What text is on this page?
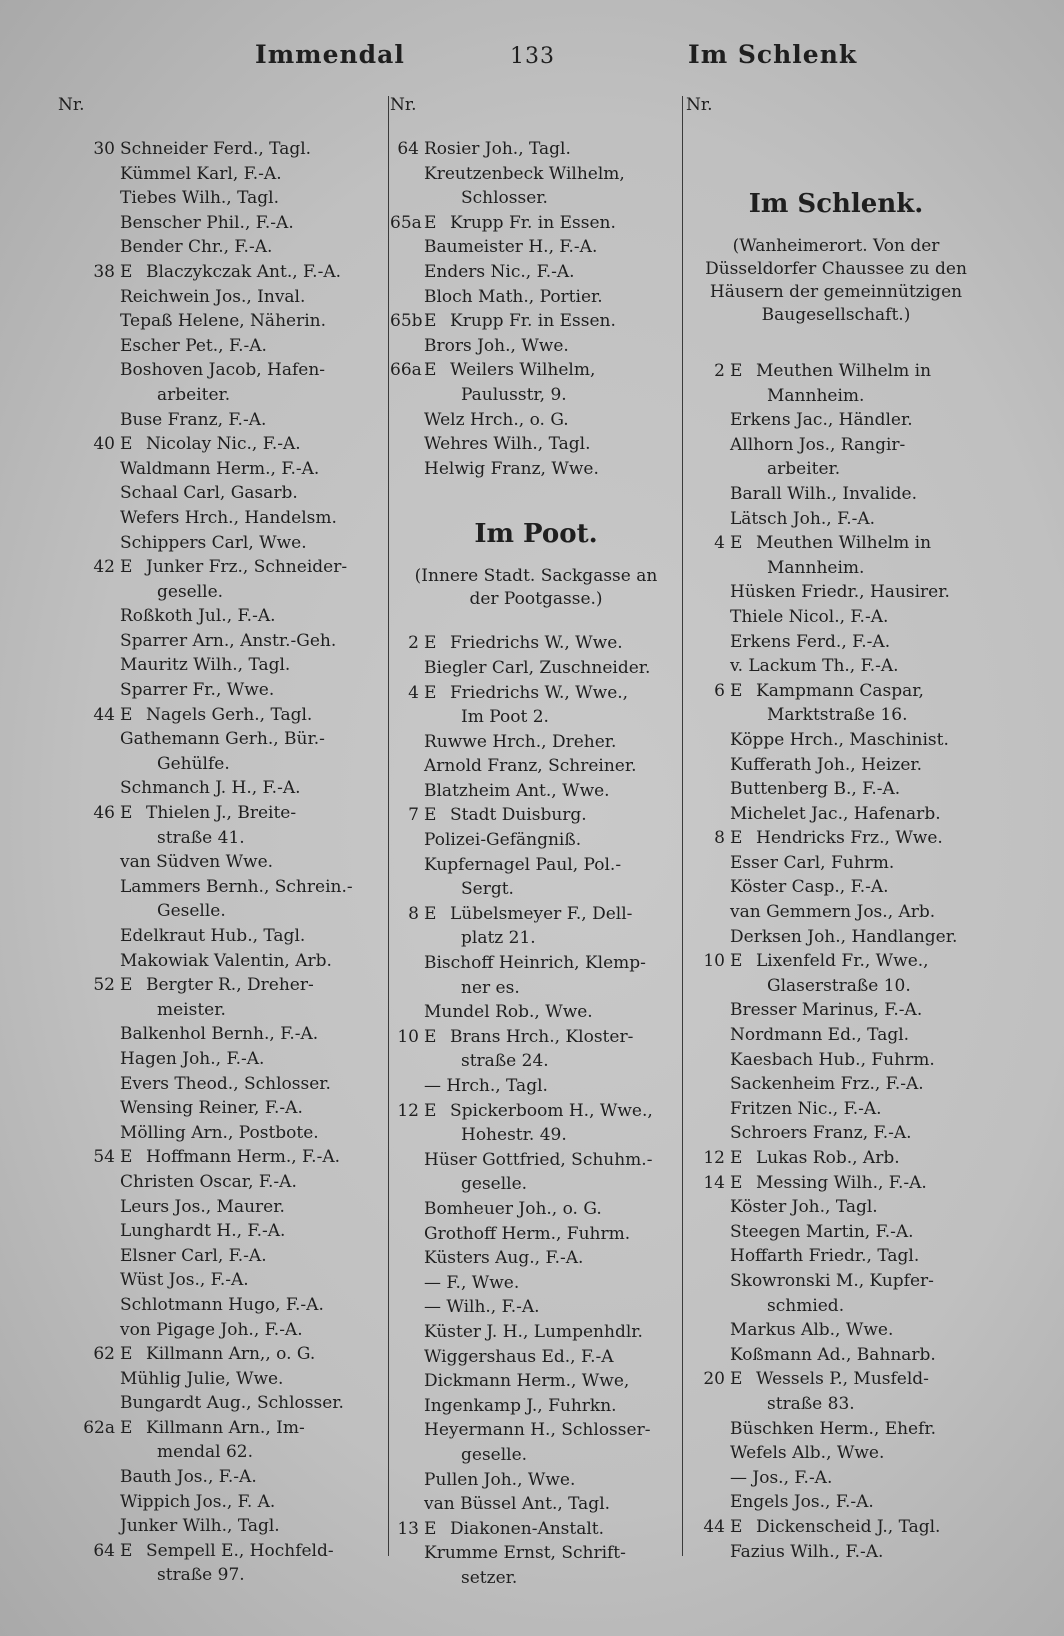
Immendal	133	Im Schlenk
Nr.
30 Schneider Ferd., Tagl.
Kümmel Karl, F.-A.
Tiebes Wilh., Tagl.
Benscher Phil., F.-A.
Bender Chr., F.-A.
38 E Blaczykczak Ant., F.-A.
Reichwein Jos., Inval.
Tepaß Helene, Näherin.
Escher Pet., F.-A.
Boshoven Jacob, Hafen-
arbeiter.
Buse Franz, F.-A.
40 E Nicolay Nic., F.-A.
Waldmann Herm., F.-A.
Schaal Carl, Gasarb.
Wefers Hrch., Handelsm.
Schippers Carl, Wwe.
42 E Junker Frz., Schneider-
geselle.
Roßkoth Jul., F.-A.
Sparrer Arn., Anstr.-Geh.
Mauritz Wilh., Tagl.
Sparrer Fr., Wwe.
44 E Nagels Gerh., Tagl.
Gathemann Gerh., Bür.-
Gehülfe.
Schmanch J. H., F.-A.
46 E Thielen J., Breite-
straße 41.
van Südven Wwe.
Lammers Bernh., Schrein.-
Geselle.
Edelkraut Hub., Tagl.
Makowiak Valentin, Arb.
52 E Bergter R., Dreher-
meister.
Balkenhol Bernh., F.-A.
Hagen Joh., F.-A.
Evers Theod., Schlosser.
Wensing Reiner, F.-A.
Mölling Arn., Postbote.
54 E Hoffmann Herm., F.-A.
Christen Oscar, F.-A.
Leurs Jos., Maurer.
Lunghardt H., F.-A.
Elsner Carl, F.-A.
Wüst Jos., F.-A.
Schlotmann Hugo, F.-A.
von Pigage Joh., F.-A.
62 E Killmann Arn,, o. G.
Mühlig Julie, Wwe.
Bungardt Aug., Schlosser.
62a E Killmann Arn., Im-
mendal 62.
Bauth Jos., F.-A.
Wippich Jos., F. A.
Junker Wilh., Tagl.
64 E Sempell E., Hochfeld-
straße 97.
Nr.
64 Rosier Joh., Tagl.
Kreutzenbeck Wilhelm,
Schlosser.
65a E Krupp Fr. in Essen.
Baumeister H., F.-A.
Enders Nic., F.-A.
Bloch Math., Portier.
65b E Krupp Fr. in Essen.
Brors Joh., Wwe.
66a E Weilers Wilhelm,
Paulusstr, 9.
Welz Hrch., o. G.
Wehres Wilh., Tagl.
Helwig Franz, Wwe.
Im Poot.
(Innere Stadt. Sackgasse an
der Pootgasse.)
2 E Friedrichs W., Wwe.
Biegler Carl, Zuschneider.
4 E Friedrichs W., Wwe.,
Im Poot 2.
Ruwwe Hrch., Dreher.
Arnold Franz, Schreiner.
Blatzheim Ant., Wwe.
7 E Stadt Duisburg.
Polizei-Gefängniß.
Kupfernagel Paul, Pol.-
Sergt.
8 E Lübelsmeyer F., Dell-
platz 21.
Bischoff Heinrich, Klemp-
ner es.
Mundel Rob., Wwe.
10 E Brans Hrch., Kloster-
straße 24.
— Hrch., Tagl.
12 E Spickerboom H., Wwe.,
Hohestr. 49.
Hüser Gottfried, Schuhm.-
geselle.
Bomheuer Joh., o. G.
Grothoff Herm., Fuhrm.
Küsters Aug., F.-A.
— F., Wwe.
— Wilh., F.-A.
Küster J. H., Lumpenhdlr.
Wiggershaus Ed., F.-A
Dickmann Herm., Wwe,
Ingenkamp J., Fuhrkn.
Heyermann H., Schlosser-
geselle.
Pullen Joh., Wwe.
van Büssel Ant., Tagl.
13 E Diakonen-Anstalt.
Krumme Ernst, Schrift-
setzer.
Nr.
Im Schlenk.
(Wanheimerort. Von der
Düsseldorfer Chaussee zu den
Häusern der gemeinnützigen
Baugesellschaft.)
2 E Meuthen Wilhelm in
Mannheim.
Erkens Jac., Händler.
Allhorn Jos., Rangir-
arbeiter.
Barall Wilh., Invalide.
Lätsch Joh., F.-A.
4 E Meuthen Wilhelm in
Mannheim.
Hüsken Friedr., Hausirer.
Thiele Nicol., F.-A.
Erkens Ferd., F.-A.
v. Lackum Th., F.-A.
6 E Kampmann Caspar,
Marktstraße 16.
Köppe Hrch., Maschinist.
Kufferath Joh., Heizer.
Buttenberg B., F.-A.
Michelet Jac., Hafenarb.
8 E Hendricks Frz., Wwe.
Esser Carl, Fuhrm.
Köster Casp., F.-A.
van Gemmern Jos., Arb.
Derksen Joh., Handlanger.
10 E Lixenfeld Fr., Wwe.,
Glaserstraße 10.
Bresser Marinus, F.-A.
Nordmann Ed., Tagl.
Kaesbach Hub., Fuhrm.
Sackenheim Frz., F.-A.
Fritzen Nic., F.-A.
Schroers Franz, F.-A.
12 E Lukas Rob., Arb.
14 E Messing Wilh., F.-A.
Köster Joh., Tagl.
Steegen Martin, F.-A.
Hoffarth Friedr., Tagl.
Skowronski M., Kupfer-
schmied.
Markus Alb., Wwe.
Koßmann Ad., Bahnarb.
20 E Wessels P., Musfeld-
straße 83.
Büschken Herm., Ehefr.
Wefels Alb., Wwe.
— Jos., F.-A.
Engels Jos., F.-A.
44 E Dickenscheid J., Tagl.
Fazius Wilh., F.-A.
